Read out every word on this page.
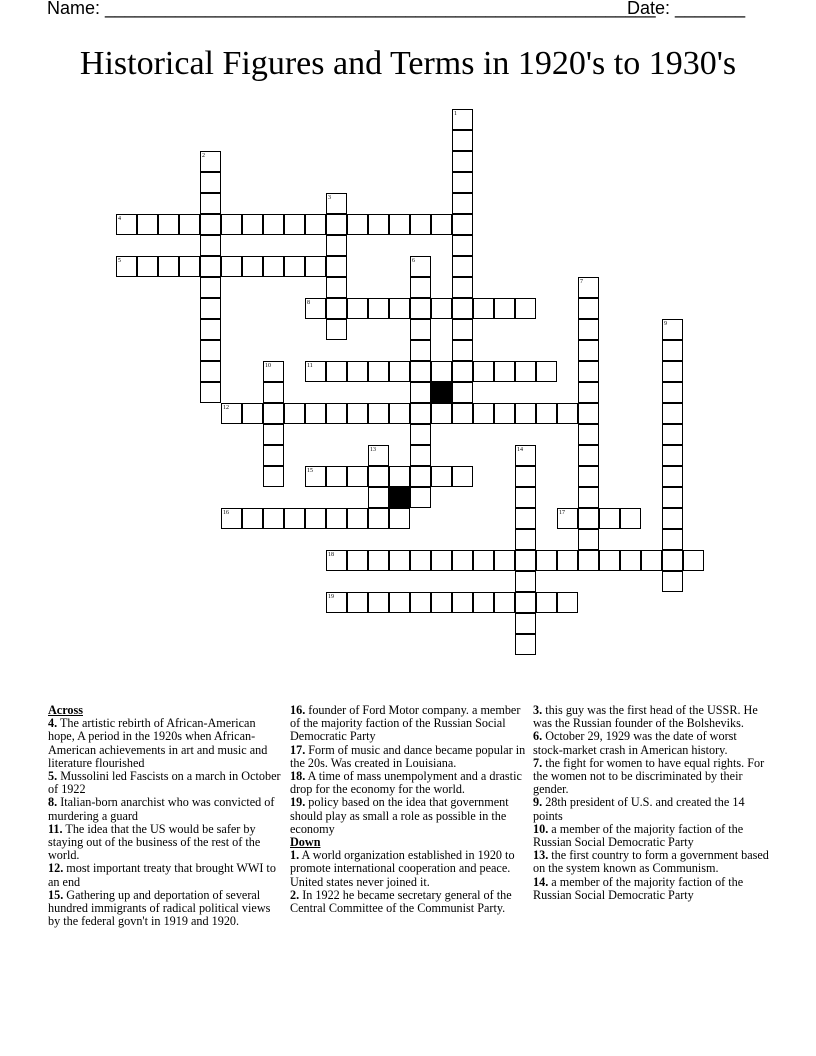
Name: _______________________________________________________
Date: _______
Historical Figures and Terms in 1920's to 1930's
1
2
3
4
5	6
7
8
9
10	11
12
13	14
15
16	17
18
19
Across
4. The artistic rebirth of African-American hope, A period in the 1920s when African-American achievements in art and music and literature flourished
5. Mussolini led Fascists on a march in October of 1922
8. Italian-born anarchist who was convicted of murdering a guard
11. The idea that the US would be safer by staying out of the business of the rest of the world.
12. most important treaty that brought WWI to an end
15. Gathering up and deportation of several hundred immigrants of radical political views by the federal govn't in 1919 and 1920.
16. founder of Ford Motor company. a member of the majority faction of the Russian Social Democratic Party
17. Form of music and dance became popular in the 20s. Was created in Louisiana.
18. A time of mass unempolyment and a drastic drop for the economy for the world.
19. policy based on the idea that government should play as small a role as possible in the economy
Down
1. A world organization established in 1920 to promote international cooperation and peace. United states never joined it.
2. In 1922 he became secretary general of the Central Committee of the Communist Party.
3. this guy was the first head of the USSR. He was the Russian founder of the Bolsheviks.
6. October 29, 1929 was the date of worst stock-market crash in American history.
7. the fight for women to have equal rights. For the women not to be discriminated by their gender.
9. 28th president of U.S. and created the 14 points
10. a member of the majority faction of the Russian Social Democratic Party
13. the first country to form a government based on the system known as Communism.
14. a member of the majority faction of the Russian Social Democratic Party
